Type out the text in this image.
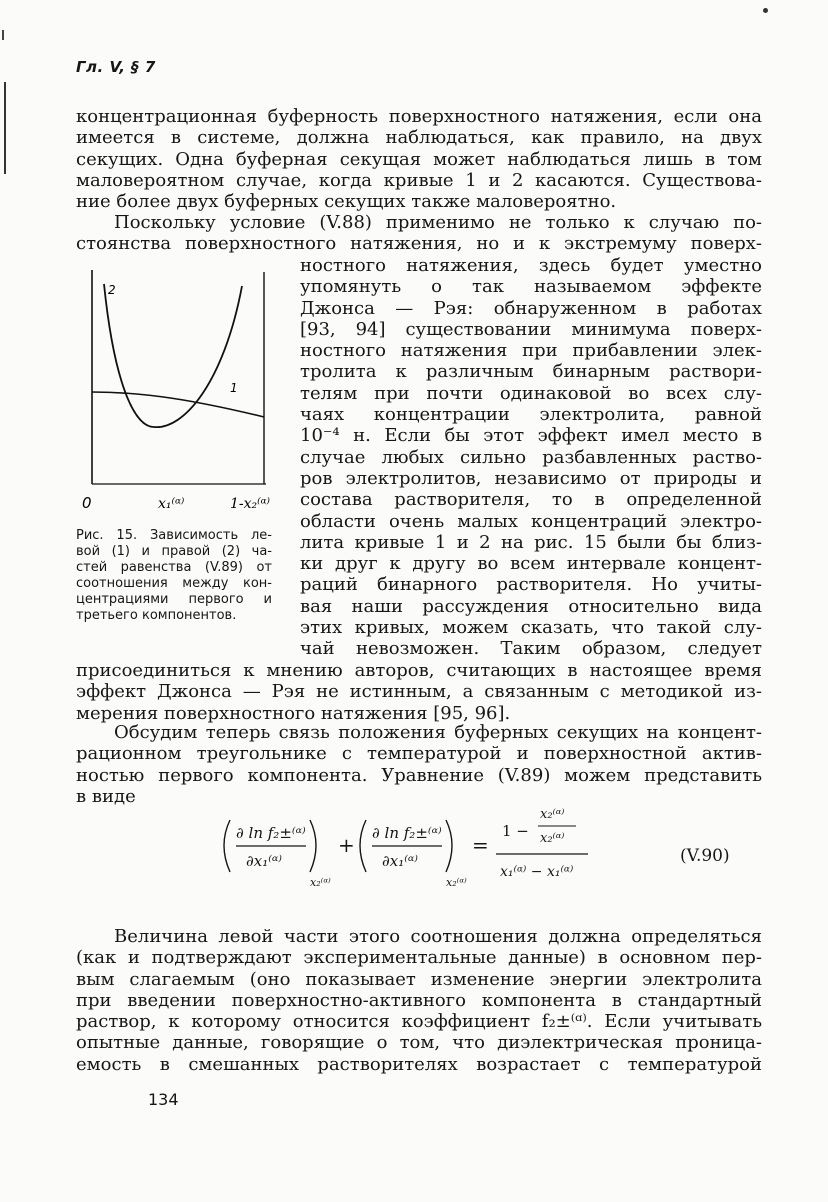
Гл. V, § 7
концентрационная буферность поверхностного натяжения, если она
имеется в системе, должна наблюдаться, как правило, на двух
секущих. Одна буферная секущая может наблюдаться лишь в том
маловероятном случае, когда кривые 1 и 2 касаются. Существова-
ние более двух буферных секущих также маловероятно.
Поскольку условие (V.88) применимо не только к случаю по-
стоянства поверхностного натяжения, но и к экстремуму поверх-
ностного натяжения, здесь будет уместно
упомянуть о так называемом эффекте
Джонса — Рэя: обнаруженном в работах
[93, 94] существовании минимума поверх-
ностного натяжения при прибавлении элек-
тролита к различным бинарным раствори-
телям при почти одинаковой во всех слу-
чаях концентрации электролита, равной
10⁻⁴ н. Если бы этот эффект имел место в
случае любых сильно разбавленных раство-
ров электролитов, независимо от природы и
состава растворителя, то в определенной
области очень малых концентраций электро-
лита кривые 1 и 2 на рис. 15 были бы близ-
ки друг к другу во всем интервале концент-
раций бинарного растворителя. Но учиты-
вая наши рассуждения относительно вида
этих кривых, можем сказать, что такой слу-
чай невозможен. Таким образом, следует
присоединиться к мнению авторов, считающих в настоящее время
эффект Джонса — Рэя не истинным, а связанным с методикой из-
мерения поверхностного натяжения [95, 96].
2
1
0	x₁⁽ᵅ⁾	1-x₂⁽ᵅ⁾
Рис. 15. Зависимость ле-
вой (1) и правой (2) ча-
стей равенства (V.89) от
соотношения между кон-
центрациями первого и
третьего компонентов.
Обсудим теперь связь положения буферных секущих на концент-
рационном треугольнике с температурой и поверхностной актив-
ностью первого компонента. Уравнение (V.89) можем представить
в виде
∂ ln f₂±⁽ᵅ⁾
∂x₁⁽ᵅ⁾
x₂⁽ᵅ⁾
+ ∂ ln f₂±⁽ᵅ⁾
∂x₁⁽ᵅ⁾
x₂⁽ᵅ⁾
=
1 −
x₂⁽ᵅ⁾
x₂⁽ᵅ⁾
x₁⁽ᵅ⁾ − x₁⁽ᵅ⁾
(V.90)
Величина левой части этого соотношения должна определяться
(как и подтверждают экспериментальные данные) в основном пер-
вым слагаемым (оно показывает изменение энергии электролита
при введении поверхностно-активного компонента в стандартный
раствор, к которому относится коэффициент f₂±⁽ᵅ⁾. Если учитывать
опытные данные, говорящие о том, что диэлектрическая проница-
емость в смешанных растворителях возрастает с температурой
134
